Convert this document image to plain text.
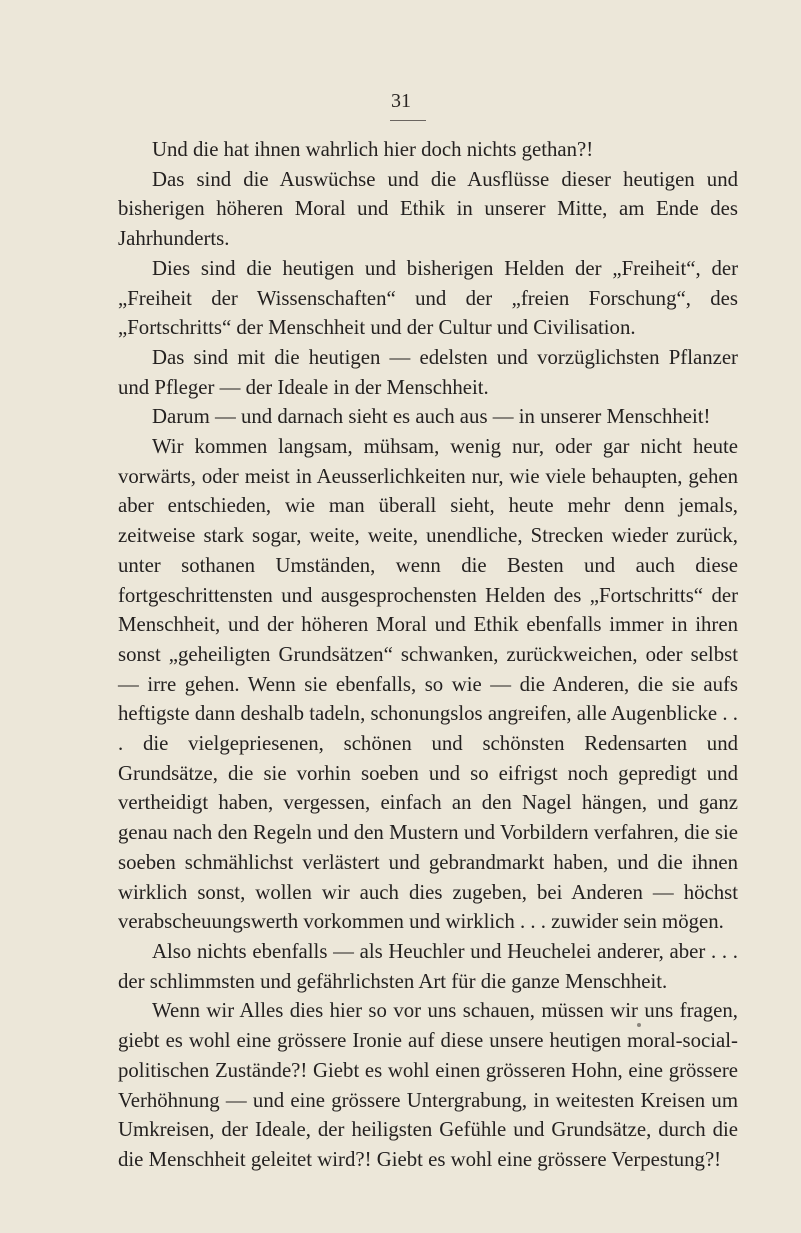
31

Und die hat ihnen wahrlich hier doch nichts gethan?!

Das sind die Auswüchse und die Ausflüsse dieser heutigen und bisherigen höheren Moral und Ethik in unserer Mitte, am Ende des Jahrhunderts.

Dies sind die heutigen und bisherigen Helden der „Freiheit“, der „Freiheit der Wissenschaften“ und der „freien Forschung“, des „Fortschritts“ der Menschheit und der Cultur und Civilisation.

Das sind mit die heutigen — edelsten und vorzüglichsten Pflanzer und Pfleger — der Ideale in der Menschheit.

Darum — und darnach sieht es auch aus — in unserer Menschheit!

Wir kommen langsam, mühsam, wenig nur, oder gar nicht heute vorwärts, oder meist in Aeusserlichkeiten nur, wie viele behaupten, gehen aber entschieden, wie man überall sieht, heute mehr denn jemals, zeitweise stark sogar, weite, weite, unendliche, Strecken wieder zurück, unter sothanen Umständen, wenn die Besten und auch diese fortgeschrittensten und ausgesprochensten Helden des „Fortschritts“ der Menschheit, und der höheren Moral und Ethik ebenfalls immer in ihren sonst „geheiligten Grundsätzen“ schwanken, zurückweichen, oder selbst — irre gehen. Wenn sie ebenfalls, so wie — die Anderen, die sie aufs heftigste dann deshalb tadeln, schonungslos angreifen, alle Augenblicke . . . die vielgepriesenen, schönen und schönsten Redensarten und Grundsätze, die sie vorhin soeben und so eifrigst noch gepredigt und vertheidigt haben, vergessen, einfach an den Nagel hängen, und ganz genau nach den Regeln und den Mustern und Vorbildern verfahren, die sie soeben schmählichst verlästert und gebrandmarkt haben, und die ihnen wirklich sonst, wollen wir auch dies zugeben, bei Anderen — höchst verabscheuungswerth vorkommen und wirklich . . . zuwider sein mögen.

Also nichts ebenfalls — als Heuchler und Heuchelei anderer, aber . . . der schlimmsten und gefährlichsten Art für die ganze Menschheit.

Wenn wir Alles dies hier so vor uns schauen, müssen wir uns fragen, giebt es wohl eine grössere Ironie auf diese unsere heutigen moral-social-politischen Zustände?! Giebt es wohl einen grösseren Hohn, eine grössere Verhöhnung — und eine grössere Untergrabung, in weitesten Kreisen um Umkreisen, der Ideale, der heiligsten Gefühle und Grundsätze, durch die die Menschheit geleitet wird?! Giebt es wohl eine grössere Verpestung?!
